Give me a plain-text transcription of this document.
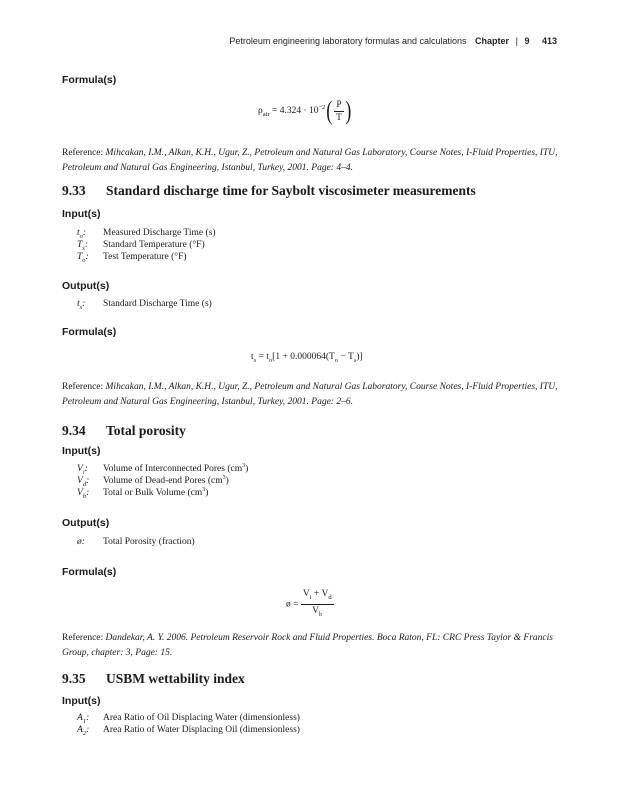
Petroleum engineering laboratory formulas and calculations Chapter | 9 413
Formula(s)
$\rho_{air} = 4.324 \cdot 10^{-2}( \frac{P}{T}$ )
Reference: Mihcakan, I.M., Alkan, K.H., Ugur, Z., Petroleum and Natural Gas Laboratory, Course Notes, I-Fluid Properties, ITU, Petroleum and Natural Gas Engineering, Istanbul, Turkey, 2001. Page: 4–4.
9.33 Standard discharge time for Saybolt viscosimeter measurements
Input(s)
$t_o$: Measured Discharge Time (s)
$T_s$: Standard Temperature (°F)
$T_o$: Test Temperature (°F)
Output(s)
$t_s$: Standard Discharge Time (s)
Formula(s)
$t_s = t_o[1 + 0.000064(T_o - T_s)]$
Reference: Mihcakan, I.M., Alkan, K.H., Ugur, Z., Petroleum and Natural Gas Laboratory, Course Notes, I-Fluid Properties, ITU, Petroleum and Natural Gas Engineering, Istanbul, Turkey, 2001. Page: 2–6.
9.34 Total porosity
Input(s)
$V_i$: Volume of Interconnected Pores $(cm^3)$
$V_d$: Volume of Dead-end Pores $(cm^3)$
$V_b$: Total or Bulk Volume $(cm^3)$
Output(s)
ø: Total Porosity (fraction)
Formula(s)
ø = $\frac{V_i + V_d}{V_b}$
Reference: Dandekar, A. Y. 2006. Petroleum Reservoir Rock and Fluid Properties. Boca Raton, FL: CRC Press Taylor & Francis Group, chapter: 3, Page: 15.
9.35 USBM wettability index
Input(s)
$A_1$: Area Ratio of Oil Displacing Water (dimensionless)
$A_2$: Area Ratio of Water Displacing Oil (dimensionless)
